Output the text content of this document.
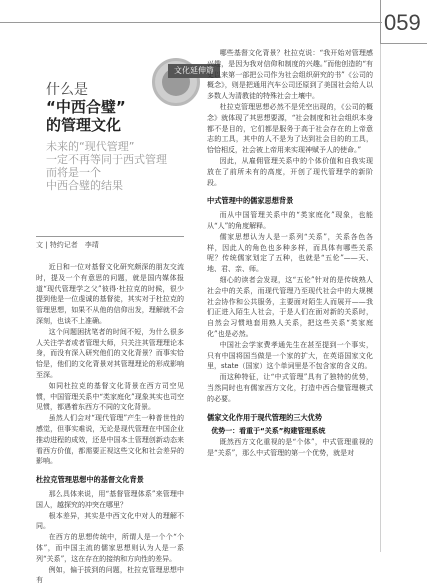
059
文化延伸篇
什么是
“中西合璧”
的管理文化
未来的“现代管理”
一定不再等同于西式管理
而将是一个
中西合璧的结果
文 | 特约记者　李靖

近日和一位对基督文化研究颇深的朋友交流时，提及一个有意思的问题，就是国内媒体报道“现代管理学之父”彼得·杜拉克的时候，很少提到他是一位虔诚的基督徒，其实对于杜拉克的管理思想，如果不从他的信仰出发，理解就不会深刻，也谈不上准确。

这个问题困扰笔者的时间不短，为什么很多人关注学者或者管理大师，只关注其管理理论本身，而没有深入研究他们的文化背景？而事实恰恰是，他们的文化背景对其管理理论的形成影响至深。

如同杜拉克的基督文化背景在西方司空见惯，中国管理关系中“类家庭化”现象其实也司空见惯，都遇着东西方不同的文化背景。

虽然人们会对“现代管理”产生一种普世性的感觉，但事实难说，无论是现代管理在中国企业推动进程的成效，还是中国本土管理创新动态来看西方价值，都需要正视这些文化和社会差异的影响。

杜拉克管理思想中的基督文化背景

那么具体来说，用“基督管理体系”来管理中国人，越探究的冲突在哪里？

根本差异，其实是中西文化中对人的理解不同。

在西方的思想传统中，所谓人是一个个“个体”，而中国主流的儒家思想则认为人是一系列“关系”，这在存在的接纳和方向性的差异。

例如，偏于拔到的问题，杜拉克管理思想中有

哪些基督文化背景？杜拉克说：“我开始对管理感兴趣，是因为我对信仰和制度的兴趣。”而他创造的“有史以来第一部把公司作为社会组织研究的书”《公司的概念》，则是把通用汽车公司还原到了美国社会给人以多数人为清教徒的特殊社会土壤中。

杜拉克管理思想必然不是凭空出现的，《公司的概念》就体现了其思想要源，“社会制度和社会组织本身都不是目的，它们都是服务于高于社会存在的上帝意志的工具，其中的人不是为了达到社会目的的工具，恰恰相反，社会被上帝用来实现神赋予人的使命。”

因此，从雇佣管理关系中的个体价值和自我实现放在了前所未有的高度，开创了现代管理学的新阶段。

中式管理中的儒家思想背景

而从中国管理关系中的“类家庭化”现象，也能从“人”的角度解释。

儒家思想认为人是一系列“关系”，关系各色各样，因此人的角色也多种多样，而具体有哪些关系呢？传统儒家划定了五种，也就是“五伦”——天、地、君、亲、师。

细心的读者会发现，这“五伦”针对的是传统熟人社会中的关系，而现代管理乃至现代社会中的大规模社会协作和公共服务，主要面对陌生人而展开——我们正进入陌生人社会，于是人们在面对新的关系时，自然会习惯地套用熟人关系，把这些关系“类家庭化”也是必然。

中国社会学家费孝通先生在甚至提到一个事实，只有中国将国当做是一个家的扩大，在英语国家文化里，state（国家）这个单词里是不包含家的含义的。

而这种特征，让“中式管理”具有了独特的优势，当然同时也有儒家西方文化，打造中西合璧管理模式的必要。

儒家文化作用于现代管理的三大优势
优势一：看重于“关系”构建管理系统

既然西方文化重视的是“个体”，中式管理重视的是“关系”，那么中式管理的第一个优势，就是对
